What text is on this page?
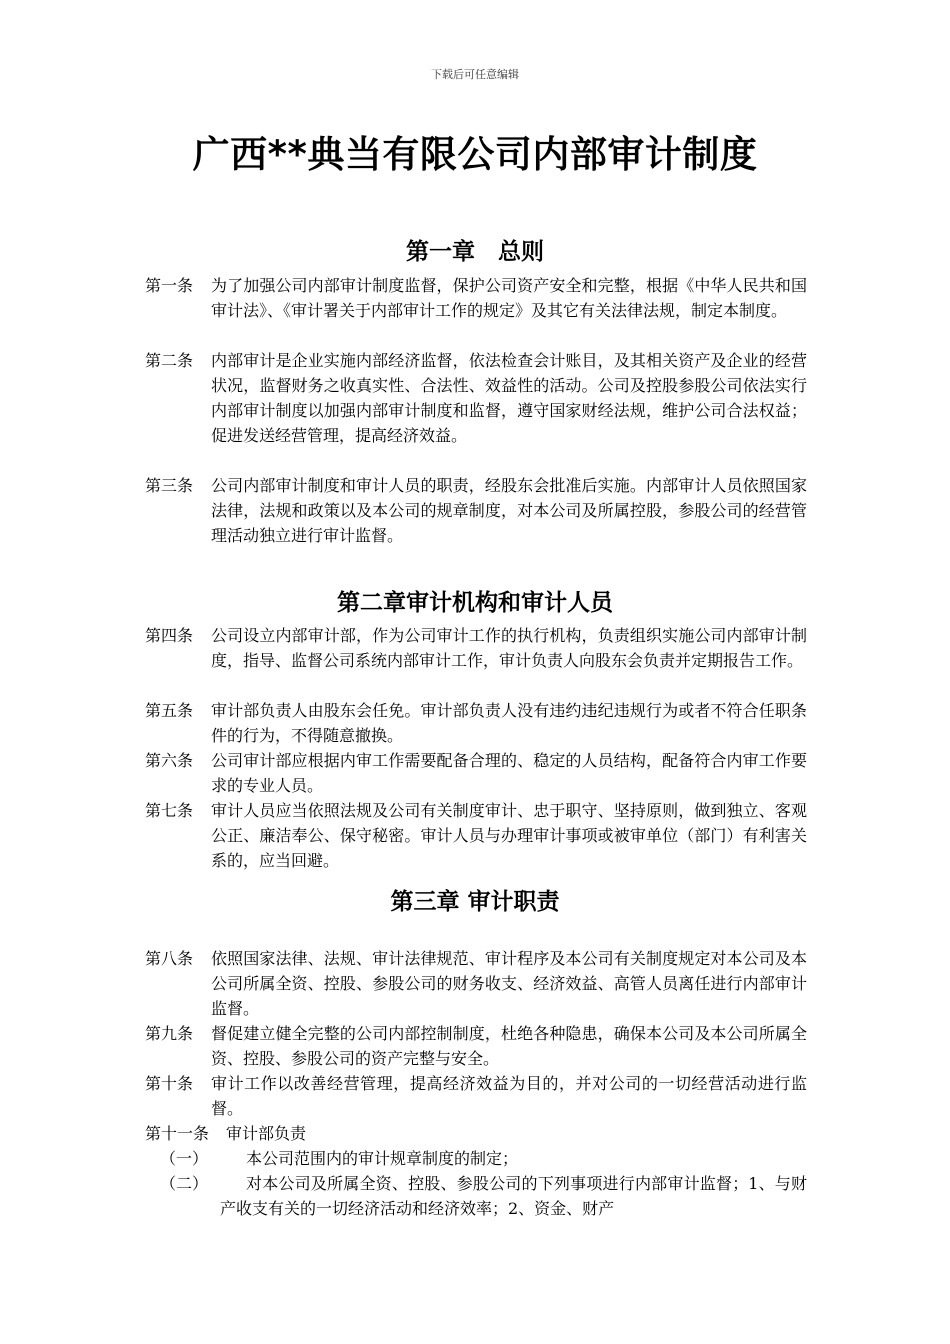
下载后可任意编辑
广西**典当有限公司内部审计制度
第一章　总则
第一条 为了加强公司内部审计制度监督，保护公司资产安全和完整，根据《中华人民共和国审计法》、《审计署关于内部审计工作的规定》及其它有关法律法规，制定本制度。
第二条 内部审计是企业实施内部经济监督，依法检查会计账目，及其相关资产及企业的经营状况，监督财务之收真实性、合法性、效益性的活动。公司及控股参股公司依法实行内部审计制度以加强内部审计制度和监督，遵守国家财经法规，维护公司合法权益；促进发送经营管理，提高经济效益。
第三条 公司内部审计制度和审计人员的职责，经股东会批准后实施。内部审计人员依照国家法律，法规和政策以及本公司的规章制度，对本公司及所属控股，参股公司的经营管理活动独立进行审计监督。
第二章审计机构和审计人员
第四条 公司设立内部审计部，作为公司审计工作的执行机构，负责组织实施公司内部审计制度，指导、监督公司系统内部审计工作，审计负责人向股东会负责并定期报告工作。
第五条 审计部负责人由股东会任免。审计部负责人没有违约违纪违规行为或者不符合任职条件的行为，不得随意撤换。
第六条 公司审计部应根据内审工作需要配备合理的、稳定的人员结构，配备符合内审工作要求的专业人员。
第七条 审计人员应当依照法规及公司有关制度审计、忠于职守、坚持原则，做到独立、客观公正、廉洁奉公、保守秘密。审计人员与办理审计事项或被审单位（部门）有利害关系的，应当回避。
第三章 审计职责
第八条 依照国家法律、法规、审计法律规范、审计程序及本公司有关制度规定对本公司及本公司所属全资、控股、参股公司的财务收支、经济效益、高管人员离任进行内部审计监督。
第九条 督促建立健全完整的公司内部控制制度，杜绝各种隐患，确保本公司及本公司所属全资、控股、参股公司的资产完整与安全。
第十条 审计工作以改善经营管理，提高经济效益为目的，并对公司的一切经营活动进行监督。
第十一条 审计部负责
（一） 本公司范围内的审计规章制度的制定；
（二）	对本公司及所属全资、控股、参股公司的下列事项进行内部审计监督；1、与财产收支有关的一切经济活动和经济效率；2、资金、财产
